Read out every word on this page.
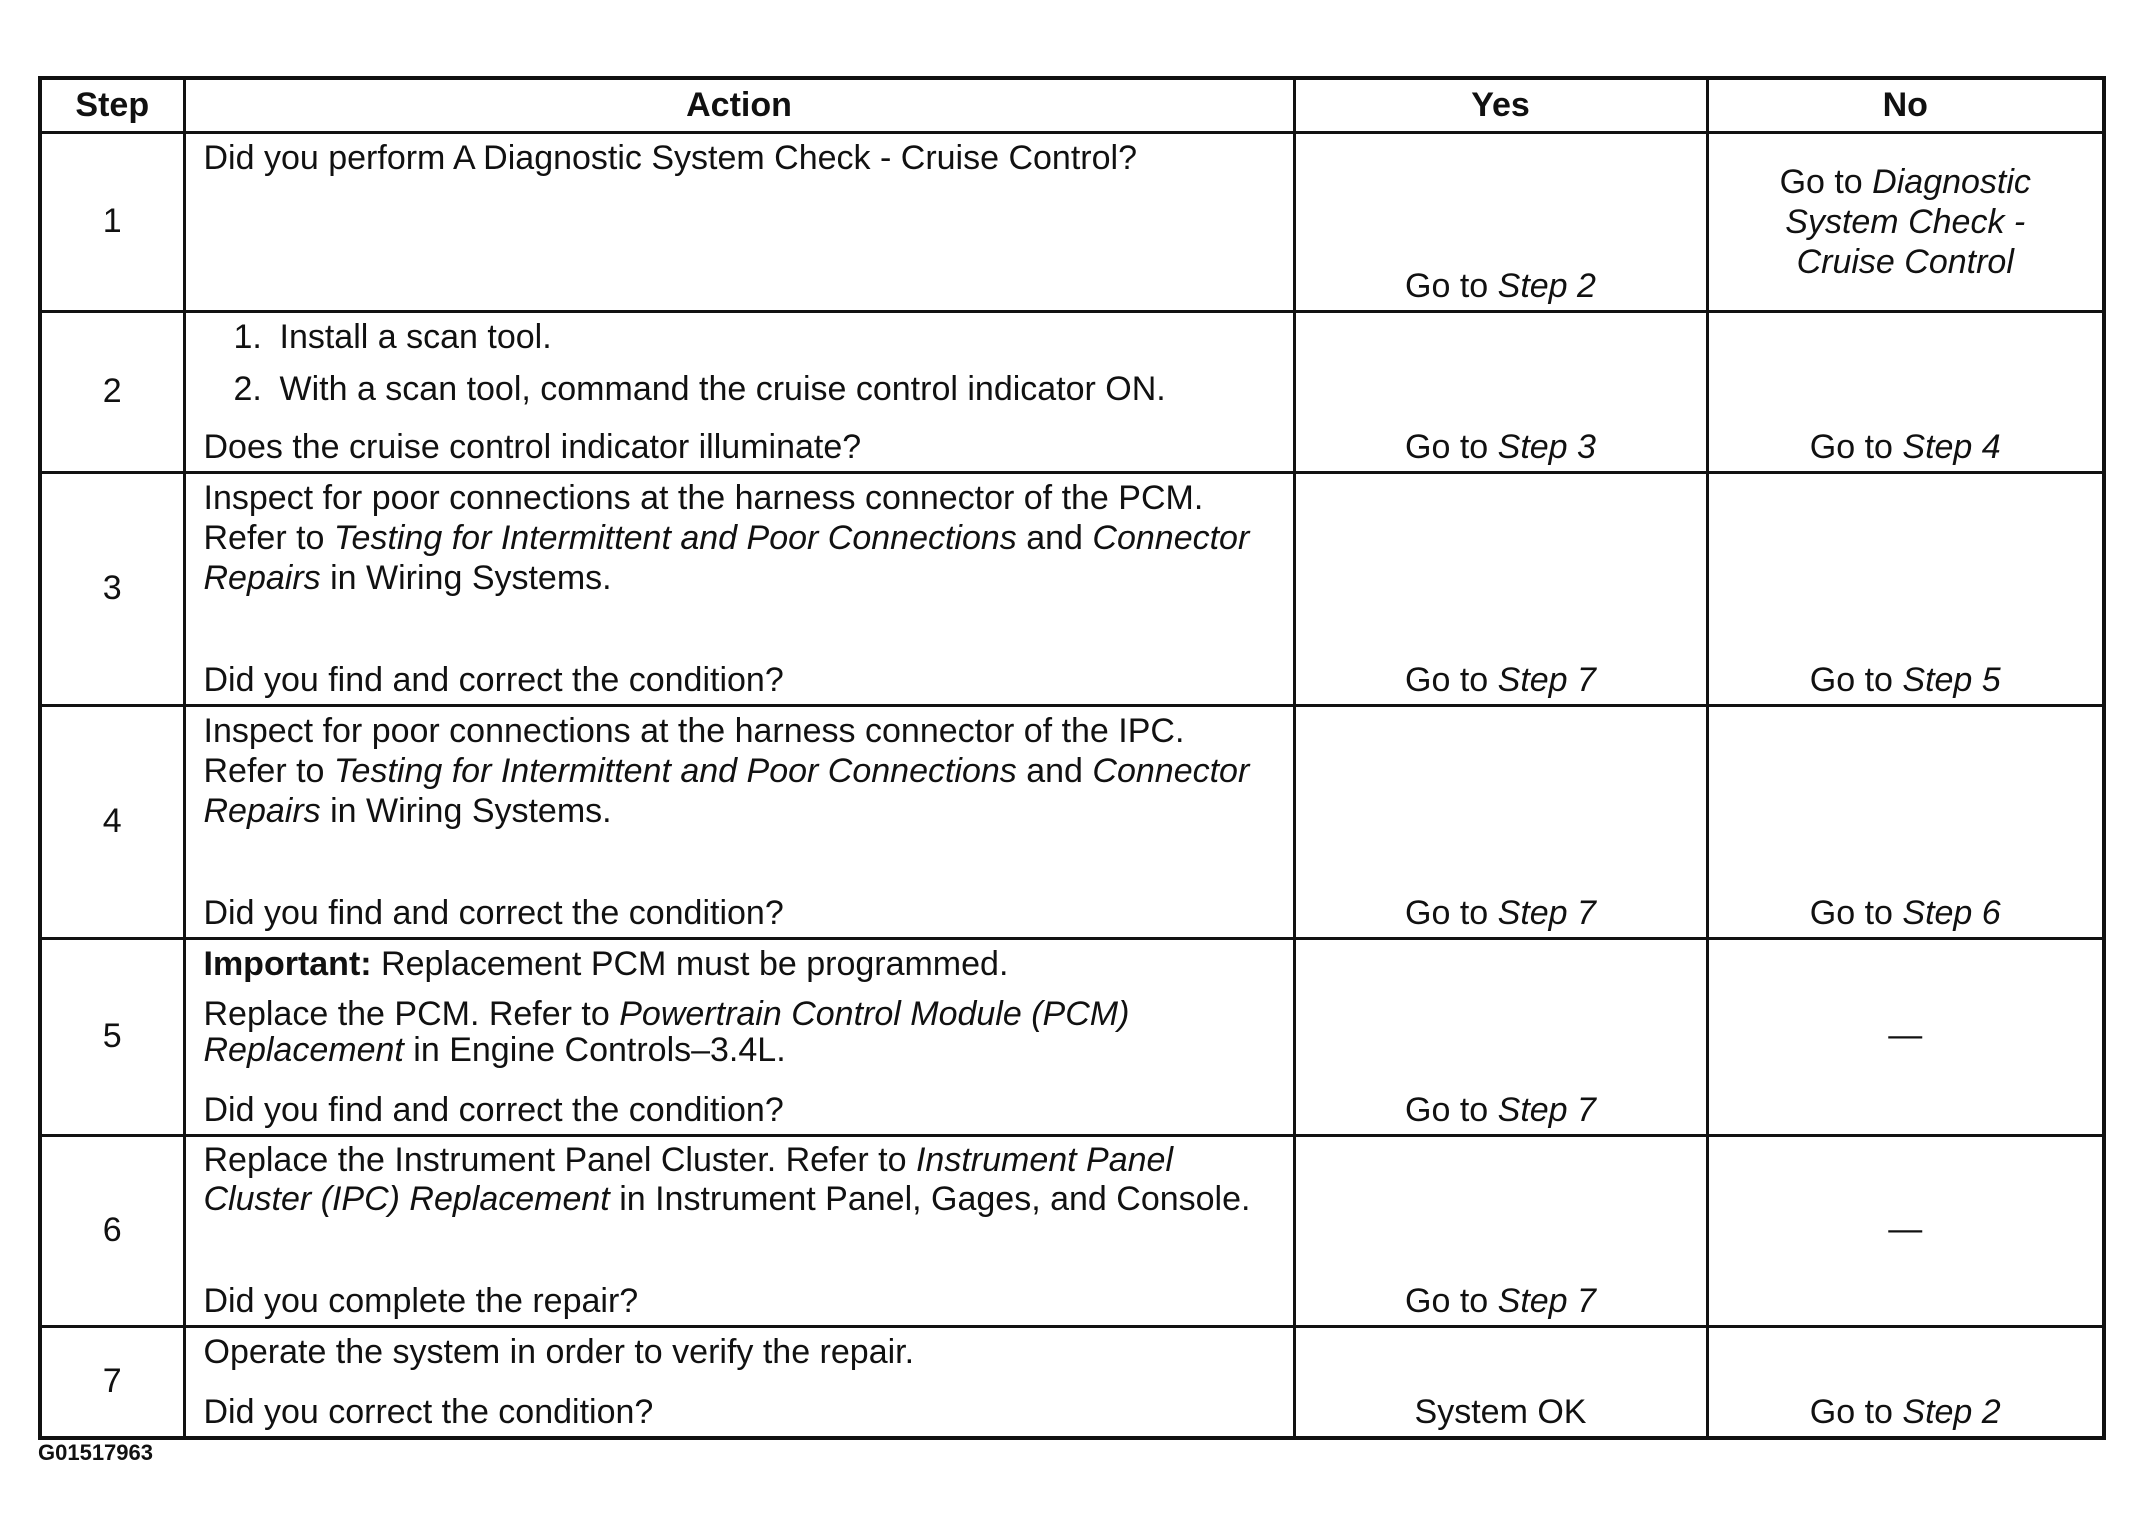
Step	Action	Yes	No
1	Did you perform A Diagnostic System Check - Cruise Control?	Go to Step 2	Go to Diagnostic System Check - Cruise Control
2	1. Install a scan tool.

2. With a scan tool, command the cruise control indicator ON.

Does the cruise control indicator illuminate?	Go to Step 3	Go to Step 4
3	Inspect for poor connections at the harness connector of the PCM. Refer to Testing for Intermittent and Poor Connections and Connector Repairs in Wiring Systems.

Did you find and correct the condition?	Go to Step 7	Go to Step 5
4	Inspect for poor connections at the harness connector of the IPC. Refer to Testing for Intermittent and Poor Connections and Connector Repairs in Wiring Systems.

Did you find and correct the condition?	Go to Step 7	Go to Step 6
5	Important: Replacement PCM must be programmed.

Replace the PCM. Refer to Powertrain Control Module (PCM) Replacement in Engine Controls–3.4L.

Did you find and correct the condition?	Go to Step 7	—
6	Replace the Instrument Panel Cluster. Refer to Instrument Panel Cluster (IPC) Replacement in Instrument Panel, Gages, and Console.

Did you complete the repair?	Go to Step 7	—
7	Operate the system in order to verify the repair.

Did you correct the condition?	System OK	Go to Step 2
G01517963
